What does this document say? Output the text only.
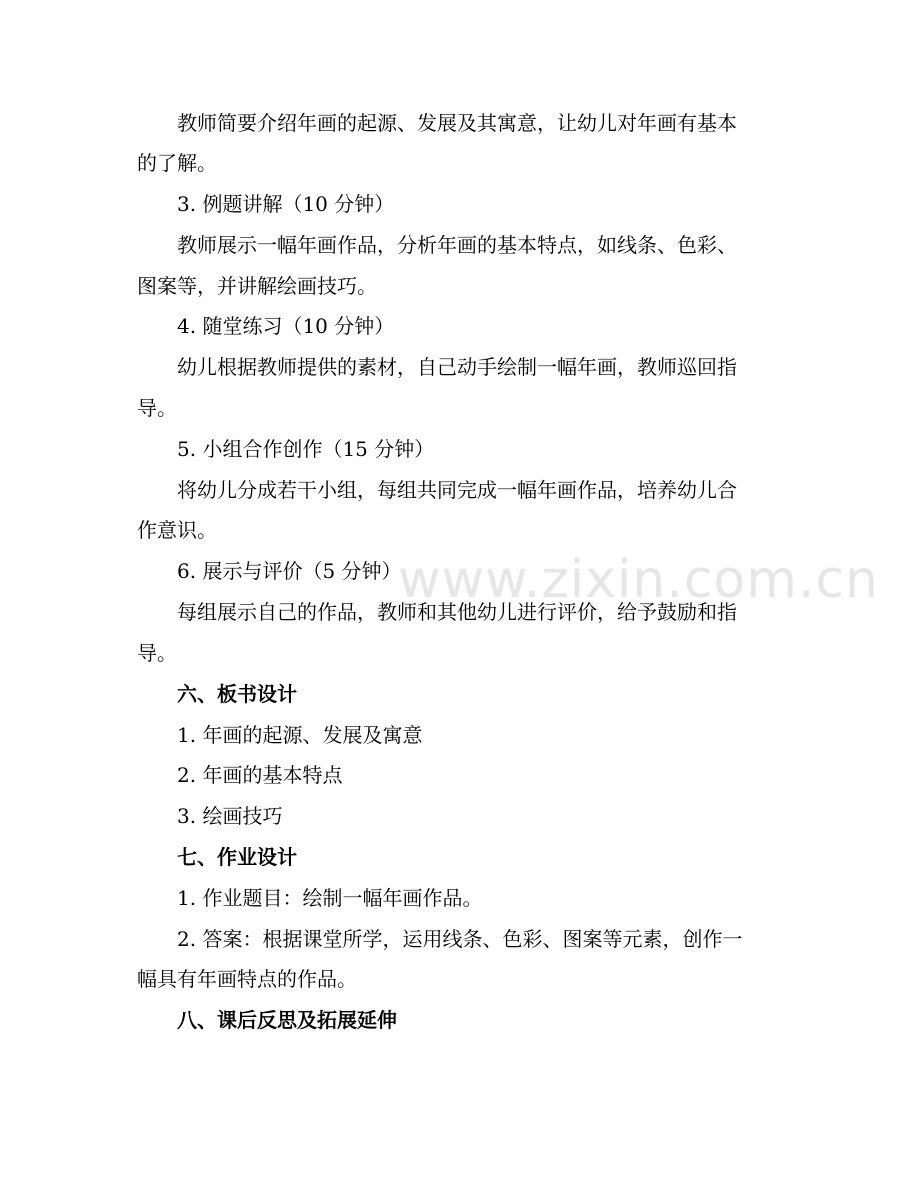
www.zixin.com.cn
教师简要介绍年画的起源、发展及其寓意，让幼儿对年画有基本
的了解。
3. 例题讲解（10 分钟）
教师展示一幅年画作品，分析年画的基本特点，如线条、色彩、
图案等，并讲解绘画技巧。
4. 随堂练习（10 分钟）
幼儿根据教师提供的素材，自己动手绘制一幅年画，教师巡回指
导。
5. 小组合作创作（15 分钟）
将幼儿分成若干小组，每组共同完成一幅年画作品，培养幼儿合
作意识。
6. 展示与评价（5 分钟）
每组展示自己的作品，教师和其他幼儿进行评价，给予鼓励和指
导。
六、板书设计
1. 年画的起源、发展及寓意
2. 年画的基本特点
3. 绘画技巧
七、作业设计
1. 作业题目：绘制一幅年画作品。
2. 答案：根据课堂所学，运用线条、色彩、图案等元素，创作一
幅具有年画特点的作品。
八、课后反思及拓展延伸
